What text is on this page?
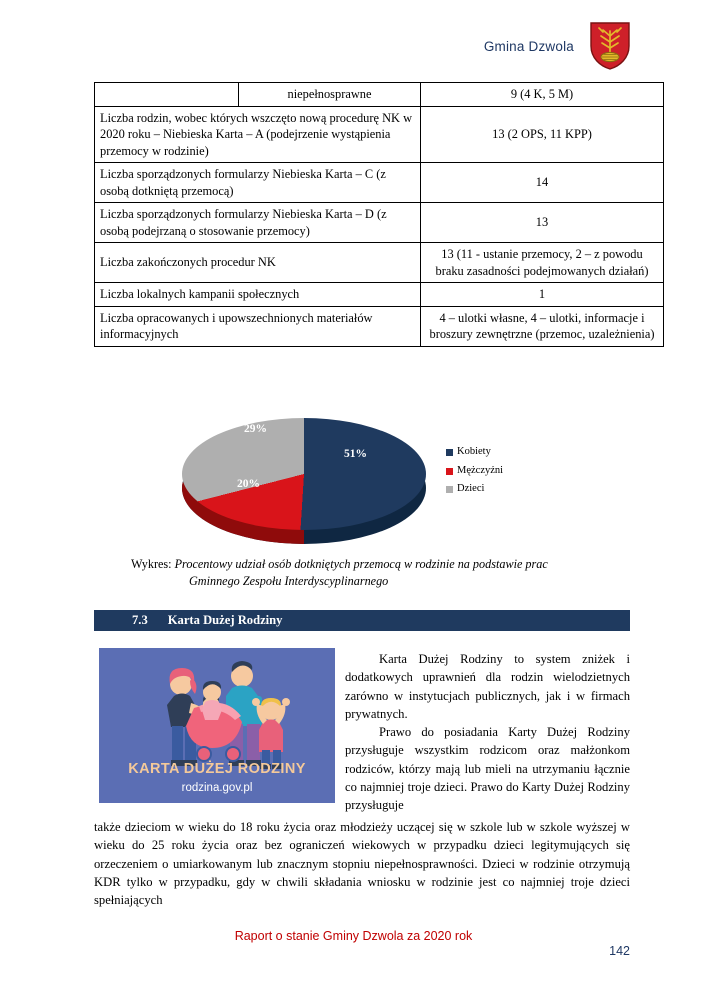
Gmina Dzwola
	niepełnosprawne	9 (4 K, 5 M)
Liczba rodzin, wobec których wszczęto nową procedurę NK w 2020 roku – Niebieska Karta – A (podejrzenie wystąpienia przemocy w rodzinie)		13 (2 OPS, 11 KPP)
Liczba sporządzonych formularzy Niebieska Karta – C (z osobą dotkniętą przemocą)		14
Liczba sporządzonych formularzy Niebieska Karta – D (z osobą podejrzaną o stosowanie przemocy)		13
Liczba zakończonych procedur NK		13 (11 - ustanie przemocy, 2 – z powodu braku zasadności podejmowanych działań)
Liczba lokalnych kampanii społecznych		1
Liczba opracowanych i upowszechnionych materiałów informacyjnych		4 – ulotki własne, 4 – ulotki, informacje i broszury zewnętrzne (przemoc, uzależnienia)
51%
20%
29%
Kobiety
Mężczyźni
Dzieci
Wykres: Procentowy udział osób dotkniętych przemocą w rodzinie na podstawie prac
Gminnego Zespołu Interdyscyplinarnego
7.3 Karta Dużej Rodziny
KARTA DUŻEJ RODZINY
rodzina.gov.pl

Karta Dużej Rodziny to system zniżek i dodatkowych uprawnień dla rodzin wielodzietnych zarówno w instytucjach publicznych, jak i w firmach prywatnych.

Prawo do posiadania Karty Dużej Rodziny przysługuje wszystkim rodzicom oraz małżonkom rodziców, którzy mają lub mieli na utrzymaniu łącznie co najmniej troje dzieci. Prawo do Karty Dużej Rodziny przysługuje

także dzieciom w wieku do 18 roku życia oraz młodzieży uczącej się w szkole lub w szkole wyższej w wieku do 25 roku życia oraz bez ograniczeń wiekowych w przypadku dzieci legitymujących się orzeczeniem o umiarkowanym lub znacznym stopniu niepełnosprawności. Dzieci w rodzinie otrzymują KDR tylko w przypadku, gdy w chwili składania wniosku w rodzinie jest co najmniej troje dzieci spełniających

Raport o stanie Gminy Dzwola za 2020 rok
142
